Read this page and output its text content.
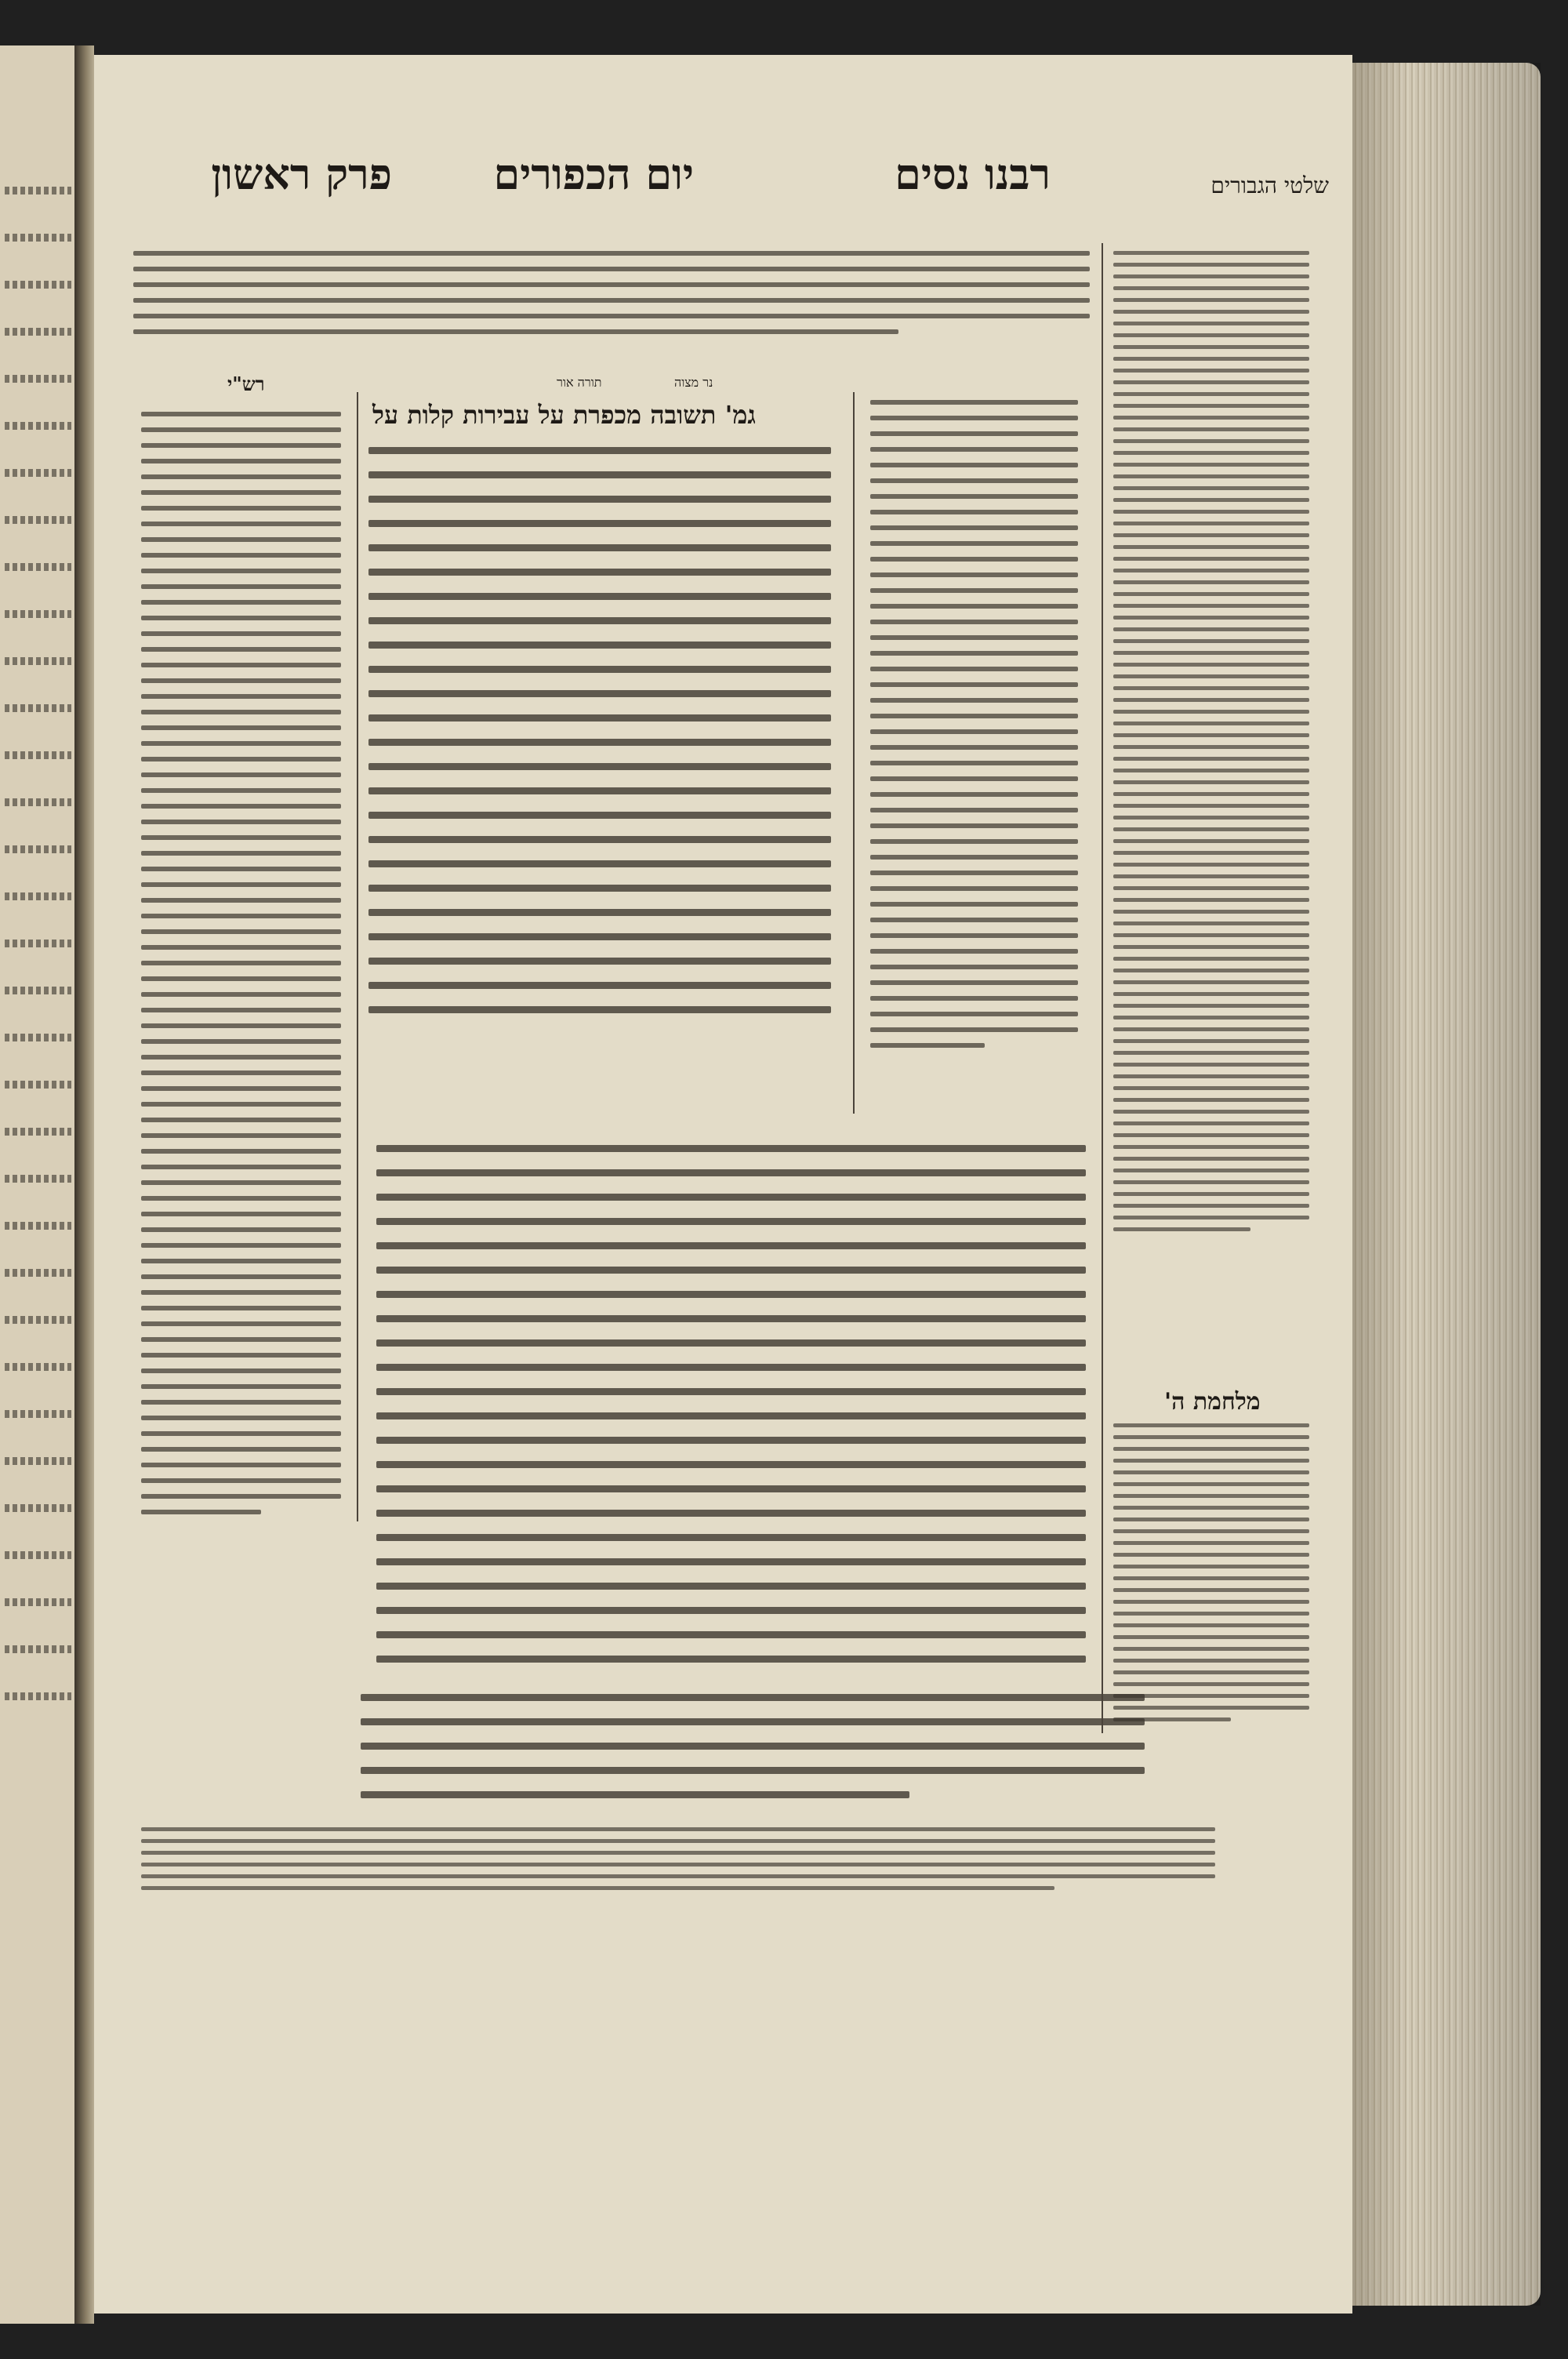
פרק ראשון יום הכפורים	רבנו נסים	שלטי הגבורים
רש"י	תורה אור	נר מצוה
גמ' תשובה מכפרת על עבירות קלות על
מלחמת ה'
